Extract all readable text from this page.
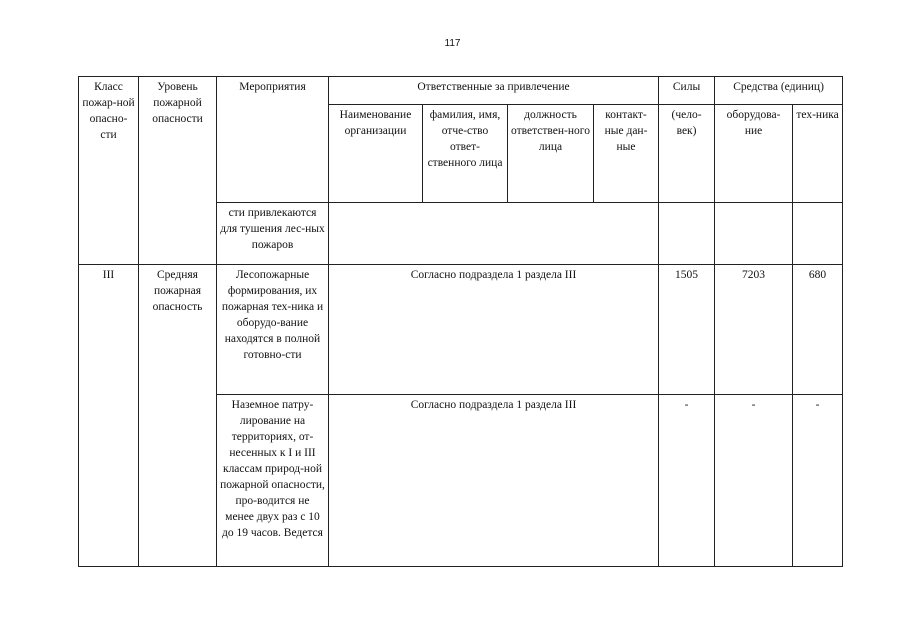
117
Класс пожар-ной опасно-сти	Уровень пожарной опасности	Мероприятия	Ответственные за привлечение				Силы	Средства (единиц)	
			Наименование организации	фамилия, имя, отче-ство ответ-ственного лица	должность ответствен-ного лица	контакт-ные дан-ные	(чело-век)	оборудова-ние	тех-ника
		сти привлекаются для тушения лес-ных пожаров							
III	Средняя пожарная опасность	Лесопожарные формирования, их пожарная тех-ника и оборудо-вание находятся в полной готовно-сти	Согласно подраздела 1 раздела III				1505	7203	680
		Наземное патру-лирование на территориях, от-несенных к I и III классам природ-ной пожарной опасности, про-водится не менее двух раз с 10 до 19 часов. Ведется	Согласно подраздела 1 раздела III				-	-	-
